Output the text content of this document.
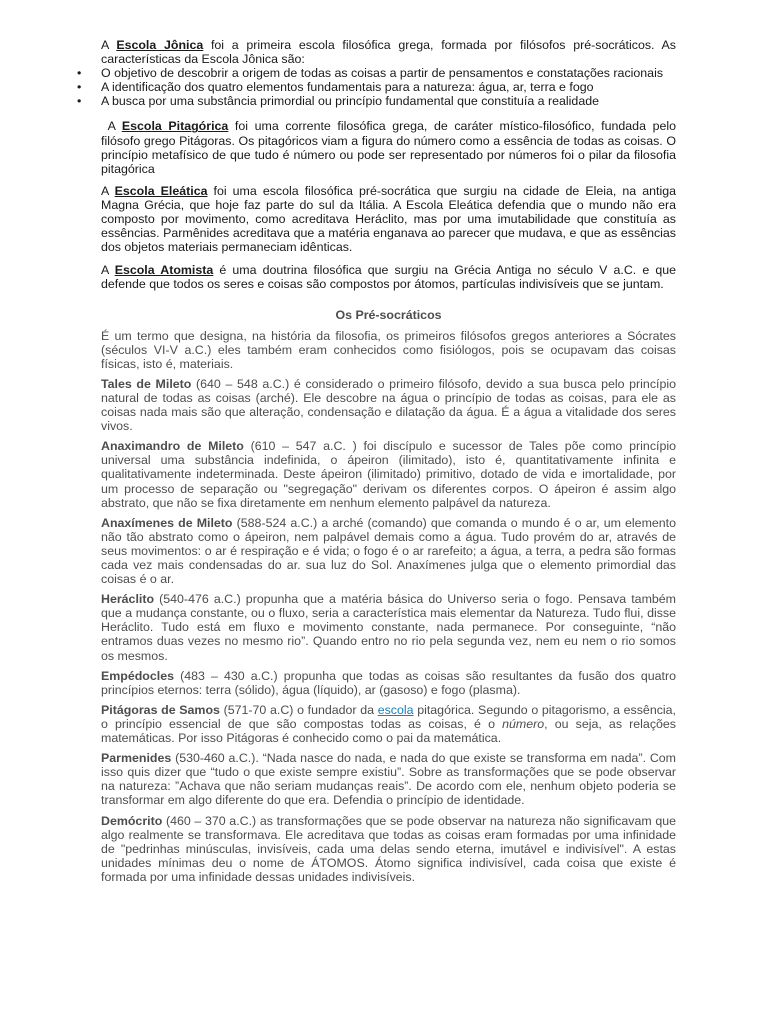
A Escola Jônica foi a primeira escola filosófica grega, formada por filósofos pré-socráticos. As características da Escola Jônica são:

• O objetivo de descobrir a origem de todas as coisas a partir de pensamentos e constatações racionais
• A identificação dos quatro elementos fundamentais para a natureza: água, ar, terra e fogo
• A busca por uma substância primordial ou princípio fundamental que constituía a realidade

A Escola Pitagórica foi uma corrente filosófica grega, de caráter místico-filosófico, fundada pelo filósofo grego Pitágoras. Os pitagóricos viam a figura do número como a essência de todas as coisas. O princípio metafísico de que tudo é número ou pode ser representado por números foi o pilar da filosofia pitagórica

A Escola Eleática foi uma escola filosófica pré-socrática que surgiu na cidade de Eleia, na antiga Magna Grécia, que hoje faz parte do sul da Itália. A Escola Eleática defendia que o mundo não era composto por movimento, como acreditava Heráclito, mas por uma imutabilidade que constituía as essências. Parmênides acreditava que a matéria enganava ao parecer que mudava, e que as essências dos objetos materiais permaneciam idênticas.

A Escola Atomista é uma doutrina filosófica que surgiu na Grécia Antiga no século V a.C. e que defende que todos os seres e coisas são compostos por átomos, partículas indivisíveis que se juntam.

Os Pré-socráticos

É um termo que designa, na história da filosofia, os primeiros filósofos gregos anteriores a Sócrates (séculos VI-V a.C.) eles também eram conhecidos como fisiólogos, pois se ocupavam das coisas físicas, isto é, materiais.

Tales de Mileto (640 – 548 a.C.) é considerado o primeiro filósofo, devido a sua busca pelo princípio natural de todas as coisas (arché). Ele descobre na água o princípio de todas as coisas, para ele as coisas nada mais são que alteração, condensação e dilatação da água. É a água a vitalidade dos seres vivos.

Anaximandro de Mileto (610 – 547 a.C. ) foi discípulo e sucessor de Tales põe como princípio universal uma substância indefinida, o ápeiron (ilimitado), isto é, quantitativamente infinita e qualitativamente indeterminada. Deste ápeiron (ilimitado) primitivo, dotado de vida e imortalidade, por um processo de separação ou "segregação" derivam os diferentes corpos. O ápeiron é assim algo abstrato, que não se fixa diretamente em nenhum elemento palpável da natureza.

Anaxímenes de Mileto (588-524 a.C.) a arché (comando) que comanda o mundo é o ar, um elemento não tão abstrato como o ápeiron, nem palpável demais como a água. Tudo provém do ar, através de seus movimentos: o ar é respiração e é vida; o fogo é o ar rarefeito; a água, a terra, a pedra são formas cada vez mais condensadas do ar. sua luz do Sol. Anaxímenes julga que o elemento primordial das coisas é o ar.

Heráclito (540-476 a.C.) propunha que a matéria básica do Universo seria o fogo. Pensava também que a mudança constante, ou o fluxo, seria a característica mais elementar da Natureza. Tudo flui, disse Heráclito. Tudo está em fluxo e movimento constante, nada permanece. Por conseguinte, “não entramos duas vezes no mesmo rio”. Quando entro no rio pela segunda vez, nem eu nem o rio somos os mesmos.

Empédocles (483 – 430 a.C.) propunha que todas as coisas são resultantes da fusão dos quatro princípios eternos: terra (sólido), água (líquido), ar (gasoso) e fogo (plasma).

Pitágoras de Samos (571-70 a.C) o fundador da escola pitagórica. Segundo o pitagorismo, a essência, o princípio essencial de que são compostas todas as coisas, é o número, ou seja, as relações matemáticas. Por isso Pitágoras é conhecido como o pai da matemática.

Parmenides (530-460 a.C.). “Nada nasce do nada, e nada do que existe se transforma em nada”. Com isso quis dizer que “tudo o que existe sempre existiu”. Sobre as transformações que se pode observar na natureza: ”Achava que não seriam mudanças reais”. De acordo com ele, nenhum objeto poderia se transformar em algo diferente do que era. Defendia o princípio de identidade.

Demócrito (460 – 370 a.C.) as transformações que se pode observar na natureza não significavam que algo realmente se transformava. Ele acreditava que todas as coisas eram formadas por uma infinidade de "pedrinhas minúsculas, invisíveis, cada uma delas sendo eterna, imutável e indivisível". A estas unidades mínimas deu o nome de ÁTOMOS. Átomo significa indivisível, cada coisa que existe é formada por uma infinidade dessas unidades indivisíveis.
